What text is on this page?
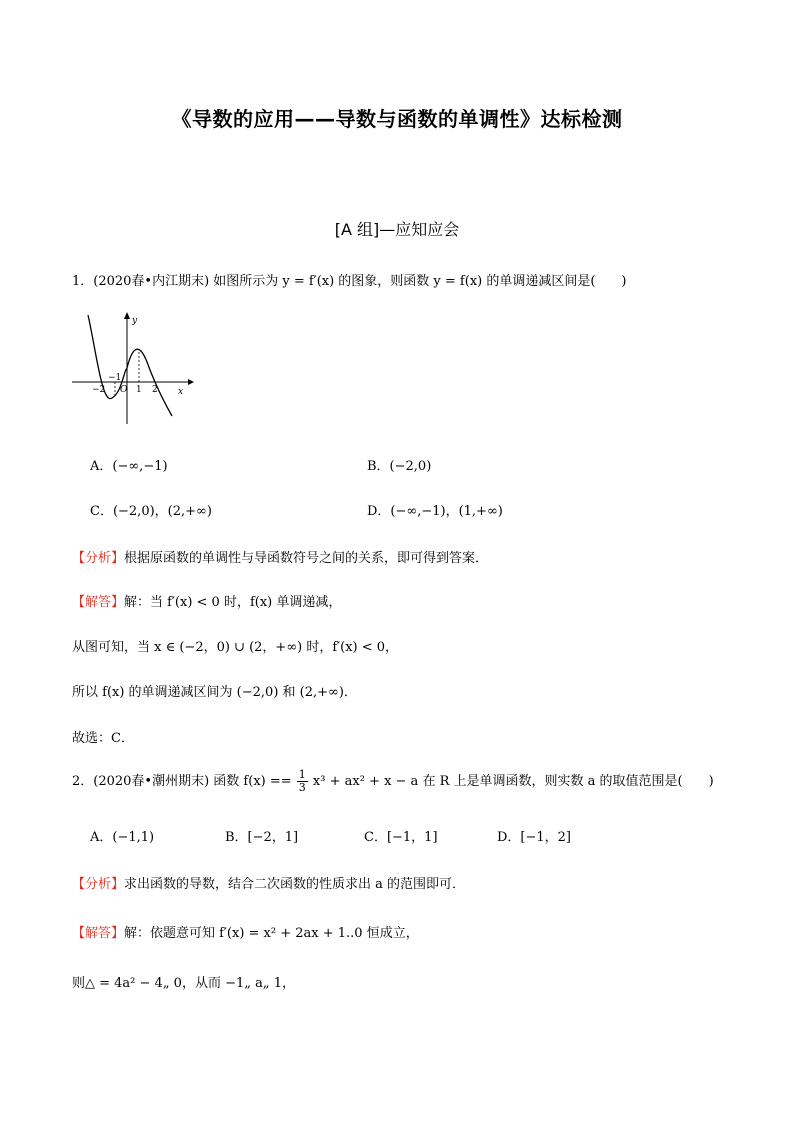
《导数的应用——导数与函数的单调性》达标检测
[A 组]—应知应会
1．(2020春•内江期末) 如图所示为 y = f′(x) 的图象，则函数 y = f(x) 的单调递减区间是(　　)
y
x
−2
−1
O 1 2
A．(−∞,−1)	B．(−2,0)
C．(−2,0)，(2,+∞)	D．(−∞,−1)，(1,+∞)
【分析】根据原函数的单调性与导函数符号之间的关系，即可得到答案．
【解答】解：当 f′(x) < 0 时，f(x) 单调递减，
从图可知，当 x ∈ (−2，0) ∪ (2，+∞) 时，f′(x) < 0，
所以 f(x) 的单调递减区间为 (−2,0) 和 (2,+∞)．
故选：C．
2．(2020春•潮州期末) 函数 $f(x) == \frac{1}{3} x^3 + ax^2 + x - a$ 在 R 上是单调函数，则实数 a 的取值范围是(　　)
A．(−1,1)	B．[−2，1]	C．[−1，1]	D．[−1，2]
【分析】求出函数的导数，结合二次函数的性质求出 a 的范围即可．
【解答】解：依题意可知 f′(x) = x² + 2ax + 1..0 恒成立，
则△ = 4a² − 4„ 0，从而 −1„ a„ 1，
